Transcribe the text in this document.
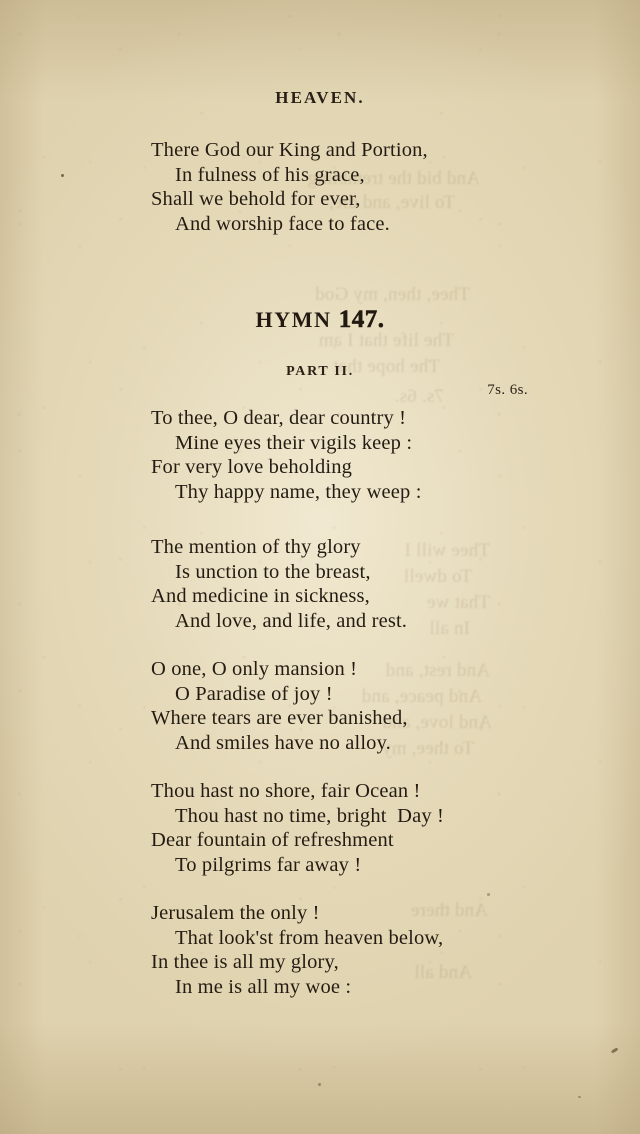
And bid the trembling
To live, and die,
Thee, then, my God
The life that I am
The hope that
7s. 6s.
Thee will I
To dwell
That we
In all
And rest, and
And peace, and
And love, and
To thee, my
And there
And all
HEAVEN.
There God our King and Portion,
In fulness of his grace,
Shall we behold for ever,
And worship face to face.
HYMN 147.
PART II.
7s. 6s.
To thee, O dear, dear country !
Mine eyes their vigils keep :
For very love beholding
Thy happy name, they weep :
The mention of thy glory
Is unction to the breast,
And medicine in sickness,
And love, and life, and rest.
O one, O only mansion !
O Paradise of joy !
Where tears are ever banished,
And smiles have no alloy.
Thou hast no shore, fair Ocean !
Thou hast no time, bright  Day !
Dear fountain of refreshment
To pilgrims far away !
Jerusalem the only !
That look'st from heaven below,
In thee is all my glory,
In me is all my woe :
